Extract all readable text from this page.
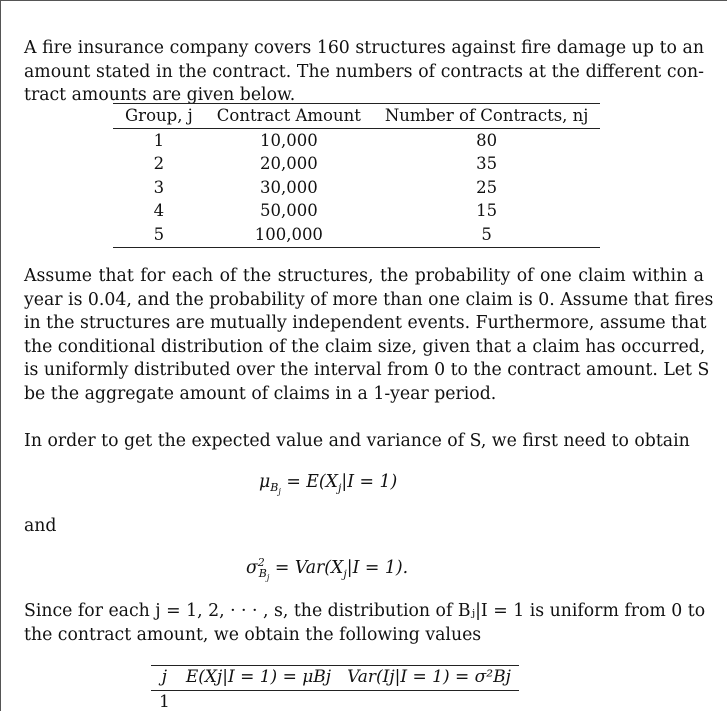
A fire insurance company covers 160 structures against fire damage up to an
amount stated in the contract. The numbers of contracts at the different con-
tract amounts are given below.

Group, j	Contract Amount	Number of Contracts, nj
1	10,000	80
2	20,000	35
3	30,000	25
4	50,000	15
5	100,000	5

Assume that for each of the structures, the probability of one claim within a
year is 0.04, and the probability of more than one claim is 0. Assume that fires
in the structures are mutually independent events. Furthermore, assume that
the conditional distribution of the claim size, given that a claim has occurred,
is uniformly distributed over the interval from 0 to the contract amount. Let S
be the aggregate amount of claims in a 1-year period.

In order to get the expected value and variance of S, we first need to obtain

$\mu_{B_j} = E(X_j|I = 1)$
and
$\sigma^2_{B_j} = Var(X_j|I = 1)$.

Since for each j = 1, 2, · · · , s, the distribution of Bⱼ|I = 1 is uniform from 0 to
the contract amount, we obtain the following values

j	E(Xj|I = 1) = μBj	Var(Ij|I = 1) = σ²Bj
1		
